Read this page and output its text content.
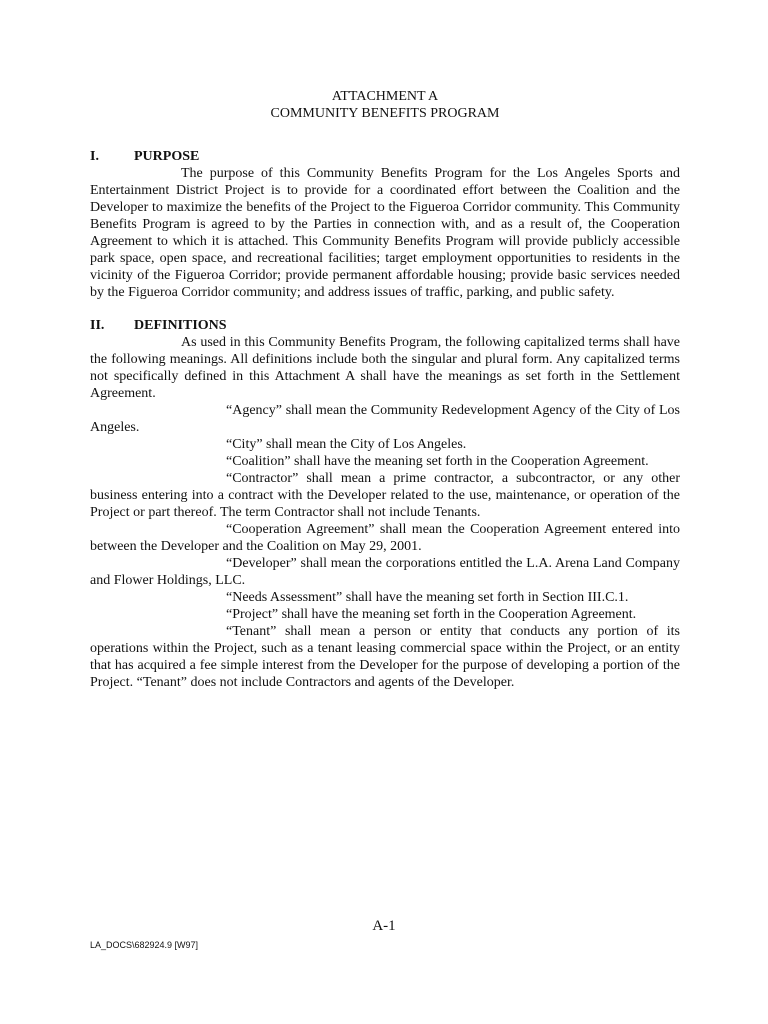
ATTACHMENT A
COMMUNITY BENEFITS PROGRAM
I.	PURPOSE

The purpose of this Community Benefits Program for the Los Angeles Sports and Entertainment District Project is to provide for a coordinated effort between the Coalition and the Developer to maximize the benefits of the Project to the Figueroa Corridor community. This Community Benefits Program is agreed to by the Parties in connection with, and as a result of, the Cooperation Agreement to which it is attached. This Community Benefits Program will provide publicly accessible park space, open space, and recreational facilities; target employment opportunities to residents in the vicinity of the Figueroa Corridor; provide permanent affordable housing; provide basic services needed by the Figueroa Corridor community; and address issues of traffic, parking, and public safety.

II.	DEFINITIONS

As used in this Community Benefits Program, the following capitalized terms shall have the following meanings. All definitions include both the singular and plural form. Any capitalized terms not specifically defined in this Attachment A shall have the meanings as set forth in the Settlement Agreement.

“Agency” shall mean the Community Redevelopment Agency of the City of Los Angeles.

“City” shall mean the City of Los Angeles.

“Coalition” shall have the meaning set forth in the Cooperation Agreement.

“Contractor” shall mean a prime contractor, a subcontractor, or any other business entering into a contract with the Developer related to the use, maintenance, or operation of the Project or part thereof. The term Contractor shall not include Tenants.

“Cooperation Agreement” shall mean the Cooperation Agreement entered into between the Developer and the Coalition on May 29, 2001.

“Developer” shall mean the corporations entitled the L.A. Arena Land Company and Flower Holdings, LLC.

“Needs Assessment” shall have the meaning set forth in Section III.C.1.

“Project” shall have the meaning set forth in the Cooperation Agreement.

“Tenant” shall mean a person or entity that conducts any portion of its operations within the Project, such as a tenant leasing commercial space within the Project, or an entity that has acquired a fee simple interest from the Developer for the purpose of developing a portion of the Project. “Tenant” does not include Contractors and agents of the Developer.

A-1
LA_DOCS\682924.9 [W97]
